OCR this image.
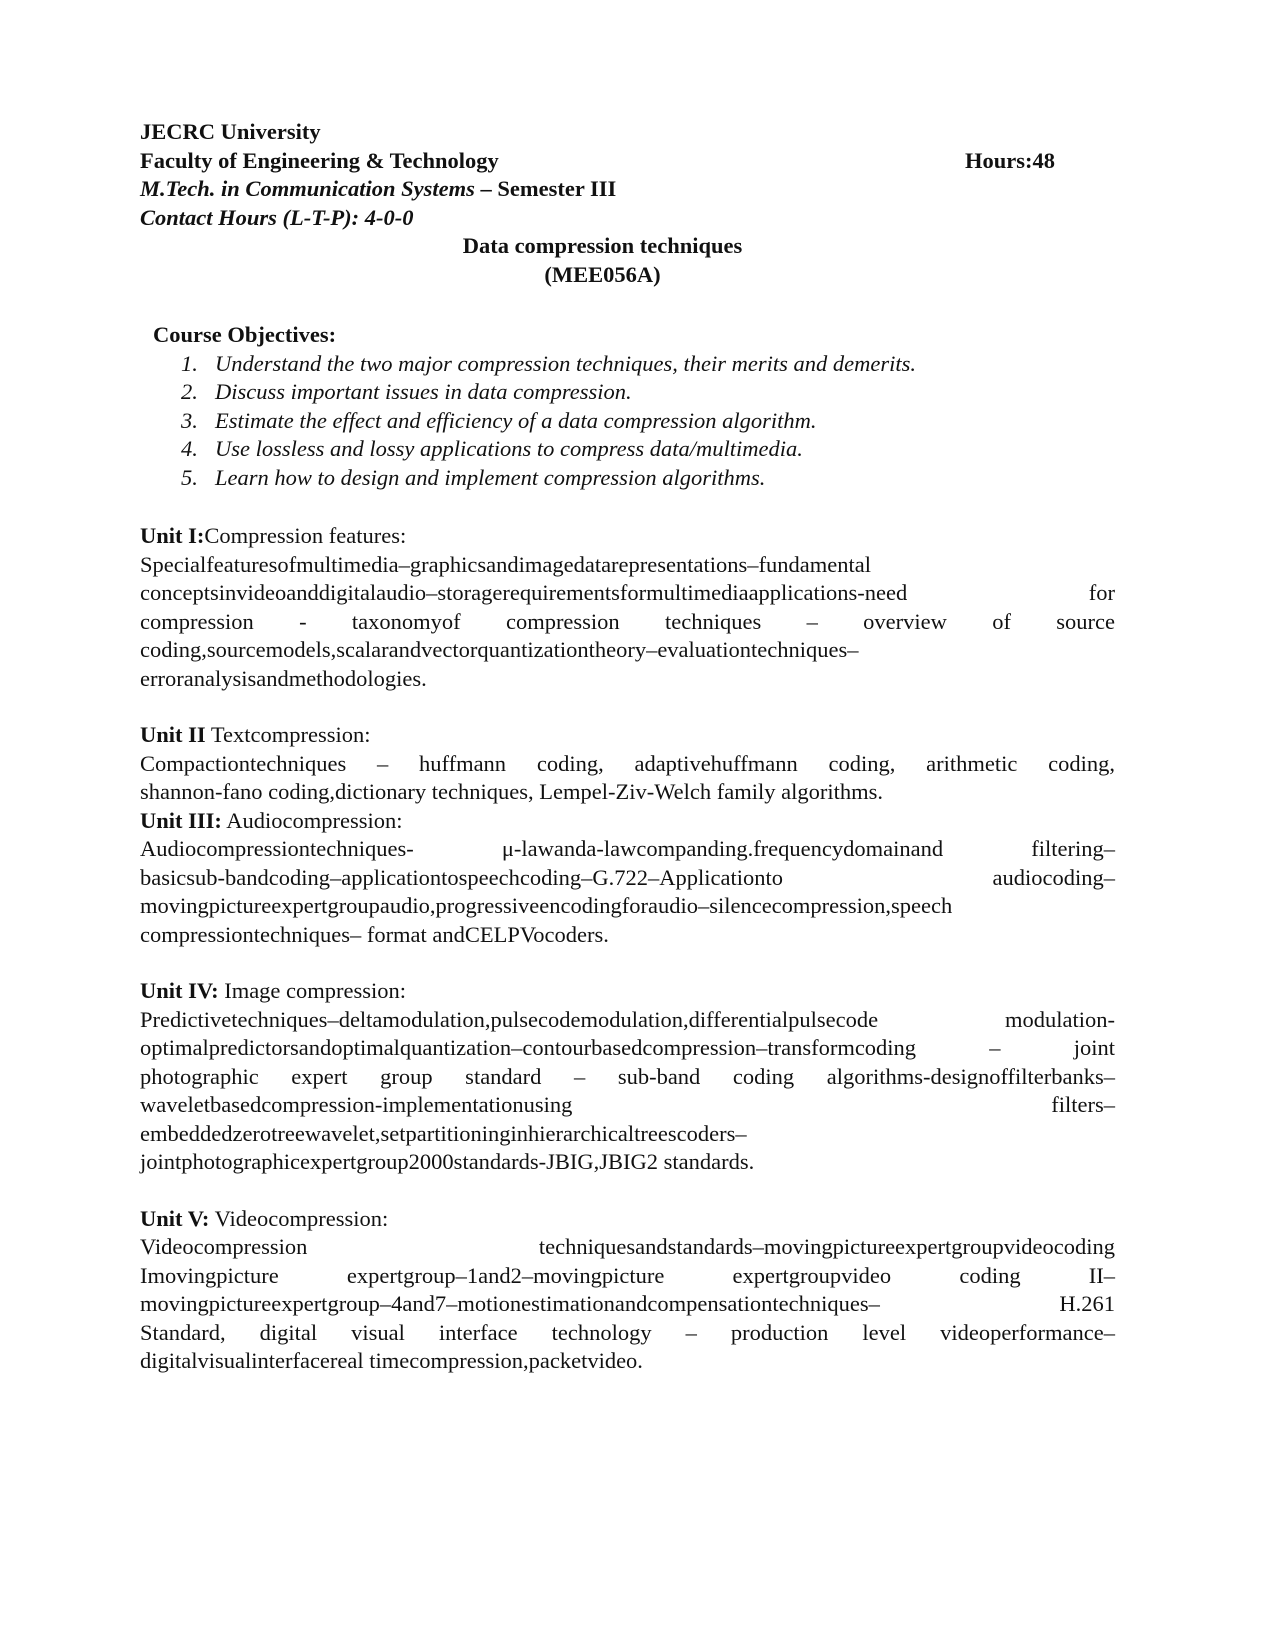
JECRC University
Faculty of Engineering & Technology	Hours:48
M.Tech. in Communication Systems – Semester III
Contact Hours (L-T-P): 4-0-0
Data compression techniques
(MEE056A)
Course Objectives:
1. Understand the two major compression techniques, their merits and demerits.
2. Discuss important issues in data compression.
3. Estimate the effect and efficiency of a data compression algorithm.
4. Use lossless and lossy applications to compress data/multimedia.
5. Learn how to design and implement compression algorithms.
Unit I:Compression features:
Specialfeaturesofmultimedia–graphicsandimagedatarepresentations–fundamental
conceptsinvideoanddigitalaudio–storagerequirementsformultimediaapplications-need for
compression - taxonomyof compression techniques – overview of source
coding,sourcemodels,scalarandvectorquantizationtheory–evaluationtechniques–
erroranalysisandmethodologies.
Unit II Textcompression:
Compactiontechniques – huffmann coding, adaptivehuffmann coding, arithmetic coding,
shannon-fano coding,dictionary techniques, Lempel-Ziv-Welch family algorithms.
Unit III: Audiocompression:
Audiocompressiontechniques- μ-lawanda-lawcompanding.frequencydomainand filtering–
basicsub-bandcoding–applicationtospeechcoding–G.722–Applicationto audiocoding–
movingpictureexpertgroupaudio,progressiveencodingforaudio–silencecompression,speech
compressiontechniques– format andCELPVocoders.
Unit IV: Image compression:
Predictivetechniques–deltamodulation,pulsecodemodulation,differentialpulsecode modulation-
optimalpredictorsandoptimalquantization–contourbasedcompression–transformcoding – joint
photographic expert group standard – sub-band coding algorithms-designoffilterbanks–
waveletbasedcompression-implementationusing filters–
embeddedzerotreewavelet,setpartitioninginhierarchicaltreescoders–
jointphotographicexpertgroup2000standards-JBIG,JBIG2 standards.
Unit V: Videocompression:
Videocompression techniquesandstandards–movingpictureexpertgroupvideocoding
Imovingpicture expertgroup–1and2–movingpicture expertgroupvideo coding II–
movingpictureexpertgroup–4and7–motionestimationandcompensationtechniques– H.261
Standard, digital visual interface technology – production level videoperformance–
digitalvisualinterfacereal timecompression,packetvideo.
